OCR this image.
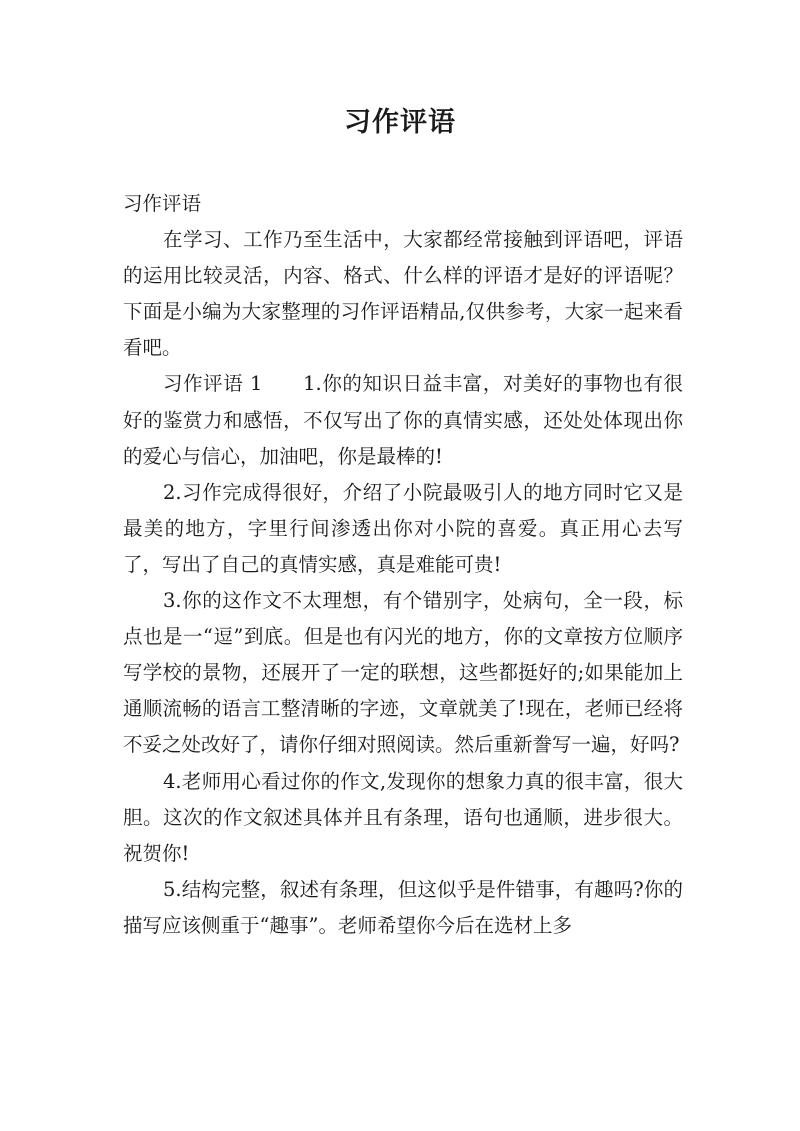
习作评语

习作评语

在学习、工作乃至生活中，大家都经常接触到评语吧，评语的运用比较灵活，内容、格式、什么样的评语才是好的评语呢？下面是小编为大家整理的习作评语精品,仅供参考，大家一起来看看吧。

习作评语 1　　1.你的知识日益丰富，对美好的事物也有很好的鉴赏力和感悟，不仅写出了你的真情实感，还处处体现出你的爱心与信心，加油吧，你是最棒的!

2.习作完成得很好，介绍了小院最吸引人的地方同时它又是最美的地方，字里行间渗透出你对小院的喜爱。真正用心去写了，写出了自己的真情实感，真是难能可贵!

3.你的这作文不太理想，有个错别字，处病句，全一段，标点也是一“逗”到底。但是也有闪光的地方，你的文章按方位顺序写学校的景物，还展开了一定的联想，这些都挺好的;如果能加上通顺流畅的语言工整清晰的字迹，文章就美了!现在，老师已经将不妥之处改好了，请你仔细对照阅读。然后重新誊写一遍，好吗?

4.老师用心看过你的作文,发现你的想象力真的很丰富，很大胆。这次的作文叙述具体并且有条理，语句也通顺，进步很大。祝贺你!

5.结构完整，叙述有条理，但这似乎是件错事，有趣吗?你的描写应该侧重于“趣事”。老师希望你今后在选材上多
